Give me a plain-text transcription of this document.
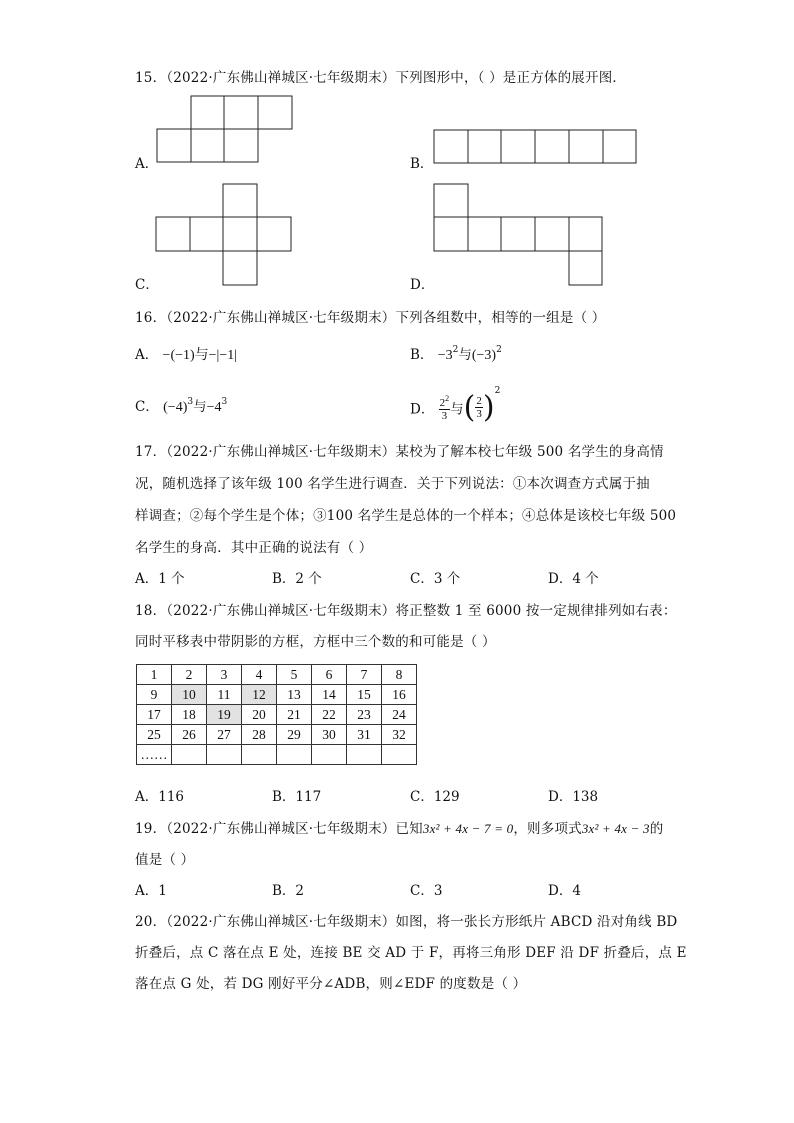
15．（2022·广东佛山禅城区·七年级期末）下列图形中，（ ）是正方体的展开图．
A．	B．
C．	D．
16．（2022·广东佛山禅城区·七年级期末）下列各组数中，相等的一组是（ ）
A． −(−1)与−|−1|	B． $-3^2$与$(-3)^2$
C． $(-4)^3$与$-4^3$	D． $\frac{2^2}{3}$ 与( $\frac{2}{3} )^2$
17．（2022·广东佛山禅城区·七年级期末）某校为了解本校七年级 500 名学生的身高情
况，随机选择了该年级 100 名学生进行调查．关于下列说法：①本次调查方式属于抽
样调查；②每个学生是个体；③100 名学生是总体的一个样本；④总体是该校七年级 500
名学生的身高．其中正确的说法有（ ）
A．1 个	B．2 个	C．3 个	D．4 个
18．（2022·广东佛山禅城区·七年级期末）将正整数 1 至 6000 按一定规律排列如右表：
同时平移表中带阴影的方框，方框中三个数的和可能是（ ）
1	2	3	4	5	6	7	8
9	10	11	12	13	14	15	16
17	18	19	20	21	22	23	24
25	26	27	28	29	30	31	32
……							
A．116	B．117	C．129	D．138
19．（2022·广东佛山禅城区·七年级期末）已知3x² + 4x − 7 = 0，则多项式3x² + 4x − 3的
值是（ ）
A．1	B．2	C．3	D．4
20．（2022·广东佛山禅城区·七年级期末）如图，将一张长方形纸片 ABCD 沿对角线 BD
折叠后，点 C 落在点 E 处，连接 BE 交 AD 于 F，再将三角形 DEF 沿 DF 折叠后，点 E
落在点 G 处，若 DG 刚好平分∠ADB，则∠EDF 的度数是（ ）
